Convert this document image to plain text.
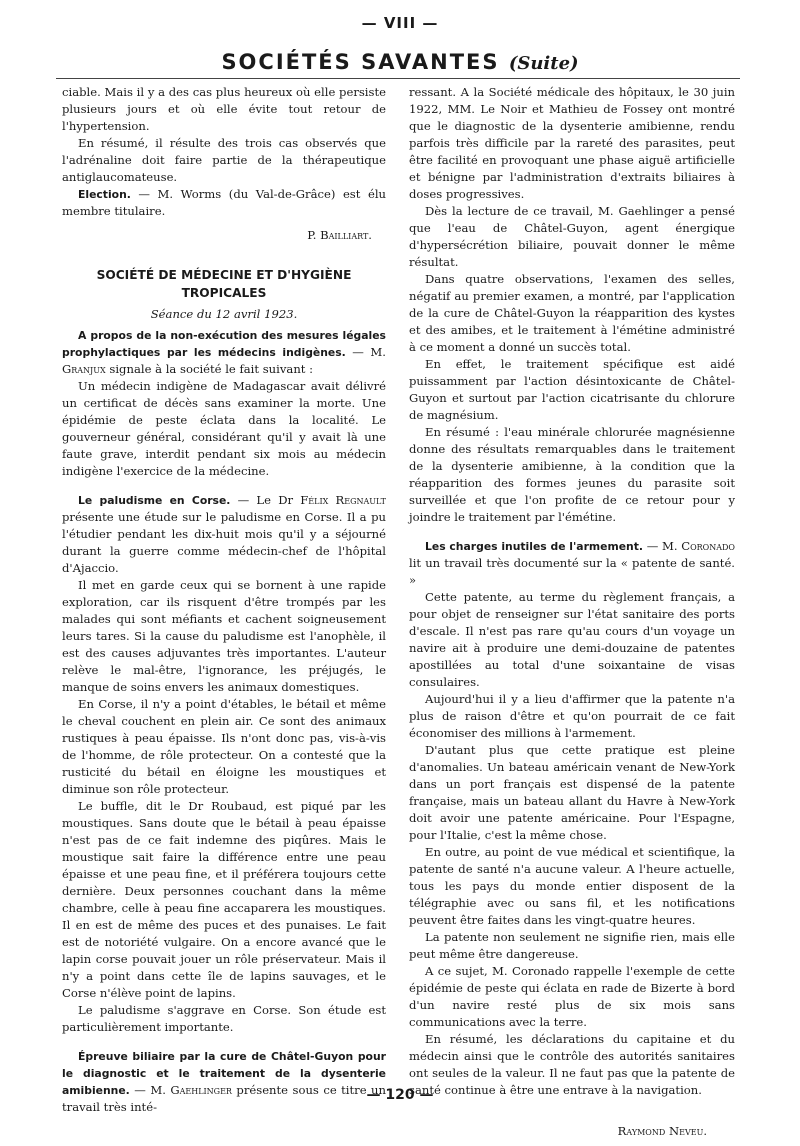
— VIII —
SOCIÉTÉS SAVANTES (Suite)

ciable. Mais il y a des cas plus heureux où elle persiste plusieurs jours et où elle évite tout retour de l'hypertension.

En résumé, il résulte des trois cas observés que l'adrénaline doit faire partie de la thérapeutique antiglaucomateuse.

Election. — M. Worms (du Val-de-Grâce) est élu membre titulaire.

P. Bailliart.

SOCIÉTÉ DE MÉDECINE ET D'HYGIÈNE
TROPICALES

Séance du 12 avril 1923.

A propos de la non-exécution des mesures légales prophylactiques par les médecins indigènes. — M. Granjux signale à la société le fait suivant :

Un médecin indigène de Madagascar avait délivré un certificat de décès sans examiner la morte. Une épidémie de peste éclata dans la localité. Le gouverneur général, considérant qu'il y avait là une faute grave, interdit pendant six mois au médecin indigène l'exercice de la médecine.

Le paludisme en Corse. — Le Dr Félix Regnault présente une étude sur le paludisme en Corse. Il a pu l'étudier pendant les dix-huit mois qu'il y a séjourné durant la guerre comme médecin-chef de l'hôpital d'Ajaccio.

Il met en garde ceux qui se bornent à une rapide exploration, car ils risquent d'être trompés par les malades qui sont méfiants et cachent soigneusement leurs tares. Si la cause du paludisme est l'anophèle, il est des causes adjuvantes très importantes. L'auteur relève le mal-être, l'ignorance, les préjugés, le manque de soins envers les animaux domestiques.

En Corse, il n'y a point d'étables, le bétail et même le cheval couchent en plein air. Ce sont des animaux rustiques à peau épaisse. Ils n'ont donc pas, vis-à-vis de l'homme, de rôle protecteur. On a contesté que la rusticité du bétail en éloigne les moustiques et diminue son rôle protecteur.

Le buffle, dit le Dr Roubaud, est piqué par les moustiques. Sans doute que le bétail à peau épaisse n'est pas de ce fait indemne des piqûres. Mais le moustique sait faire la différence entre une peau épaisse et une peau fine, et il préférera toujours cette dernière. Deux personnes couchant dans la même chambre, celle à peau fine accaparera les moustiques. Il en est de même des puces et des punaises. Le fait est de notoriété vulgaire. On a encore avancé que le lapin corse pouvait jouer un rôle préservateur. Mais il n'y a point dans cette île de lapins sauvages, et le Corse n'élève point de lapins.

Le paludisme s'aggrave en Corse. Son étude est particulièrement importante.

Épreuve biliaire par la cure de Châtel-Guyon pour le diagnostic et le traitement de la dysenterie amibienne. — M. Gaehlinger présente sous ce titre un travail très inté-

ressant. A la Société médicale des hôpitaux, le 30 juin 1922, MM. Le Noir et Mathieu de Fossey ont montré que le diagnostic de la dysenterie amibienne, rendu parfois très difficile par la rareté des parasites, peut être facilité en provoquant une phase aiguë artificielle et bénigne par l'administration d'extraits biliaires à doses progressives.

Dès la lecture de ce travail, M. Gaehlinger a pensé que l'eau de Châtel-Guyon, agent énergique d'hypersécrétion biliaire, pouvait donner le même résultat.

Dans quatre observations, l'examen des selles, négatif au premier examen, a montré, par l'application de la cure de Châtel-Guyon la réapparition des kystes et des amibes, et le traitement à l'émétine administré à ce moment a donné un succès total.

En effet, le traitement spécifique est aidé puissamment par l'action désintoxicante de Châtel-Guyon et surtout par l'action cicatrisante du chlorure de magnésium.

En résumé : l'eau minérale chlorurée magnésienne donne des résultats remarquables dans le traitement de la dysenterie amibienne, à la condition que la réapparition des formes jeunes du parasite soit surveillée et que l'on profite de ce retour pour y joindre le traitement par l'émétine.

Les charges inutiles de l'armement. — M. Coronado lit un travail très documenté sur la « patente de santé. »

Cette patente, au terme du règlement français, a pour objet de renseigner sur l'état sanitaire des ports d'escale. Il n'est pas rare qu'au cours d'un voyage un navire ait à produire une demi-douzaine de patentes apostillées au total d'une soixantaine de visas consulaires.

Aujourd'hui il y a lieu d'affirmer que la patente n'a plus de raison d'être et qu'on pourrait de ce fait économiser des millions à l'armement.

D'autant plus que cette pratique est pleine d'anomalies. Un bateau américain venant de New-York dans un port français est dispensé de la patente française, mais un bateau allant du Havre à New-York doit avoir une patente américaine. Pour l'Espagne, pour l'Italie, c'est la même chose.

En outre, au point de vue médical et scientifique, la patente de santé n'a aucune valeur. A l'heure actuelle, tous les pays du monde entier disposent de la télégraphie avec ou sans fil, et les notifications peuvent être faites dans les vingt-quatre heures.

La patente non seulement ne signifie rien, mais elle peut même être dangereuse.

A ce sujet, M. Coronado rappelle l'exemple de cette épidémie de peste qui éclata en rade de Bizerte à bord d'un navire resté plus de six mois sans communications avec la terre.

En résumé, les déclarations du capitaine et du médecin ainsi que le contrôle des autorités sanitaires ont seules de la valeur. Il ne faut pas que la patente de santé continue à être une entrave à la navigation.

Raymond Neveu.

— 120 —
